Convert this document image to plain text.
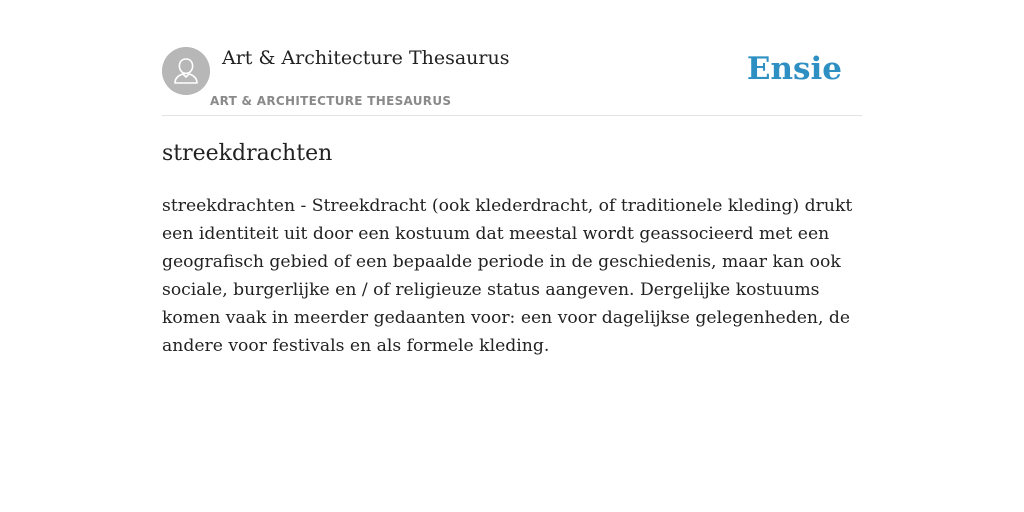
Art & Architecture Thesaurus
ART & ARCHITECTURE THESAURUS
Ensie
streekdrachten

streekdrachten - Streekdracht (ook klederdracht, of traditionele kleding) drukt een identiteit uit door een kostuum dat meestal wordt geassocieerd met een geografisch gebied of een bepaalde periode in de geschiedenis, maar kan ook sociale, burgerlijke en / of religieuze status aangeven. Dergelijke kostuums komen vaak in meerder gedaanten voor: een voor dagelijkse gelegenheden, de andere voor festivals en als formele kleding.
